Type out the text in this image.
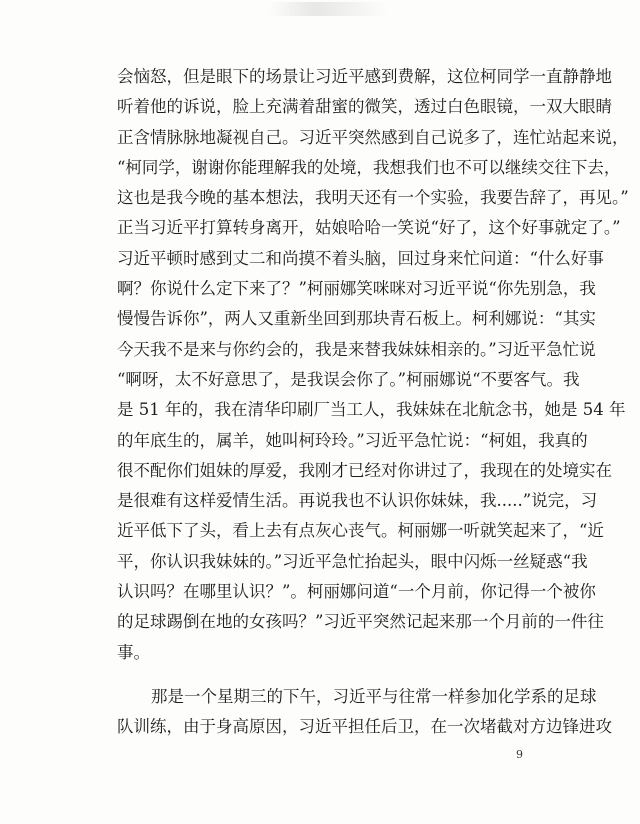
会恼怒，但是眼下的场景让习近平感到费解，这位柯同学一直静静地
听着他的诉说，脸上充满着甜蜜的微笑，透过白色眼镜，一双大眼睛
正含情脉脉地凝视自己。习近平突然感到自己说多了，连忙站起来说，
“柯同学，谢谢你能理解我的处境，我想我们也不可以继续交往下去，
这也是我今晚的基本想法，我明天还有一个实验，我要告辞了，再见。”
正当习近平打算转身离开，姑娘哈哈一笑说“好了，这个好事就定了。”
习近平顿时感到丈二和尚摸不着头脑，回过身来忙问道：“什么好事
啊？你说什么定下来了？”柯丽娜笑咪咪对习近平说“你先别急，我
慢慢告诉你”，两人又重新坐回到那块青石板上。柯利娜说：“其实
今天我不是来与你约会的，我是来替我妹妹相亲的。”习近平急忙说
“啊呀，太不好意思了，是我误会你了。”柯丽娜说“不要客气。我
是 51 年的，我在清华印刷厂当工人，我妹妹在北航念书，她是 54 年
的年底生的，属羊，她叫柯玲玲。”习近平急忙说：“柯姐，我真的
很不配你们姐妹的厚爱，我刚才已经对你讲过了，我现在的处境实在
是很难有这样爱情生活。再说我也不认识你妹妹，我.....”说完，习
近平低下了头，看上去有点灰心丧气。柯丽娜一听就笑起来了，“近
平，你认识我妹妹的。”习近平急忙抬起头，眼中闪烁一丝疑惑“我
认识吗？在哪里认识？”。柯丽娜问道“一个月前，你记得一个被你
的足球踢倒在地的女孩吗？”习近平突然记起来那一个月前的一件往
事。
那是一个星期三的下午，习近平与往常一样参加化学系的足球
队训练，由于身高原因，习近平担任后卫，在一次堵截对方边锋进攻
9
